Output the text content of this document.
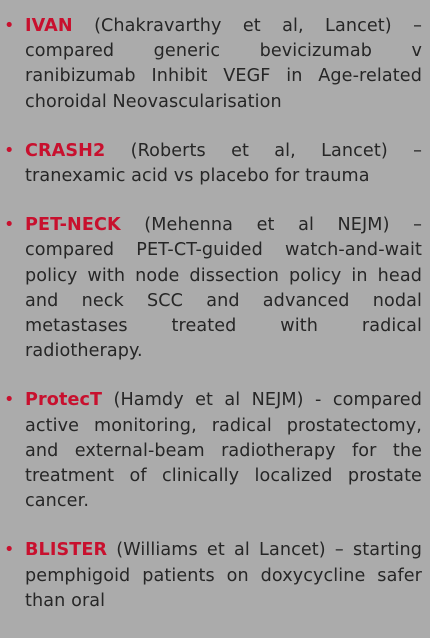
• IVAN (Chakravarthy et al, Lancet) – compared generic bevicizumab v ranibizumab Inhibit VEGF in Age-related choroidal Neovascularisation
• CRASH2 (Roberts et al, Lancet) – tranexamic acid vs placebo for trauma
• PET-NECK (Mehenna et al NEJM) – compared PET-CT-guided watch-and-wait policy with node dissection policy in head and neck SCC and advanced nodal metastases treated with radical radiotherapy.
• ProtecT (Hamdy et al NEJM) - compared active monitoring, radical prostatectomy, and external-beam radiotherapy for the treatment of clinically localized prostate cancer.
• BLISTER (Williams et al Lancet) – starting pemphigoid patients on doxycycline safer than oral
